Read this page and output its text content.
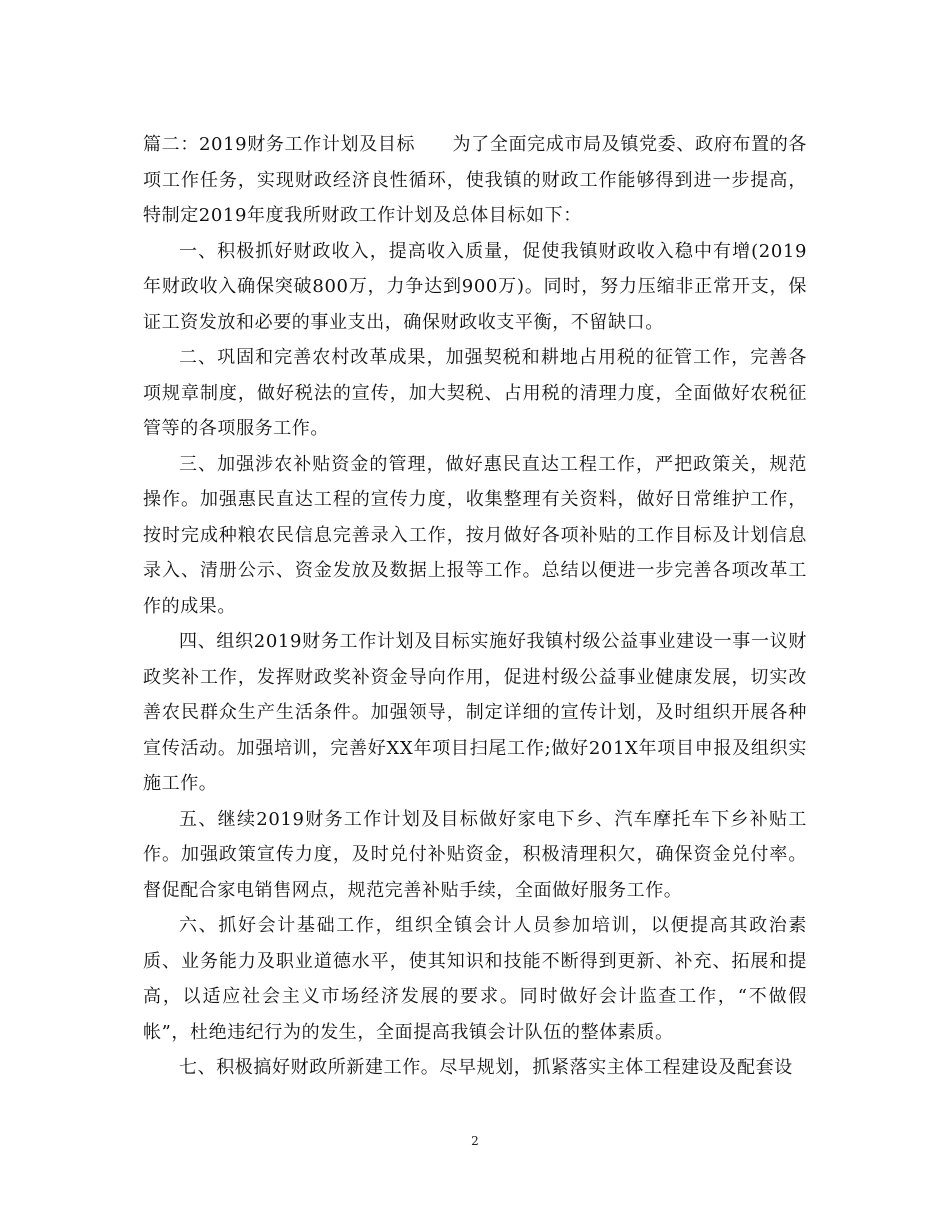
篇二：2019财务工作计划及目标　　为了全面完成市局及镇党委、政府布置的各项工作任务，实现财政经济良性循环，使我镇的财政工作能够得到进一步提高，特制定2019年度我所财政工作计划及总体目标如下：

一、积极抓好财政收入，提高收入质量，促使我镇财政收入稳中有增(2019年财政收入确保突破800万，力争达到900万)。同时，努力压缩非正常开支，保证工资发放和必要的事业支出，确保财政收支平衡，不留缺口。

二、巩固和完善农村改革成果，加强契税和耕地占用税的征管工作，完善各项规章制度，做好税法的宣传，加大契税、占用税的清理力度，全面做好农税征管等的各项服务工作。

三、加强涉农补贴资金的管理，做好惠民直达工程工作，严把政策关，规范操作。加强惠民直达工程的宣传力度，收集整理有关资料，做好日常维护工作，按时完成种粮农民信息完善录入工作，按月做好各项补贴的工作目标及计划信息录入、清册公示、资金发放及数据上报等工作。总结以便进一步完善各项改革工作的成果。

四、组织2019财务工作计划及目标实施好我镇村级公益事业建设一事一议财政奖补工作，发挥财政奖补资金导向作用，促进村级公益事业健康发展，切实改善农民群众生产生活条件。加强领导，制定详细的宣传计划，及时组织开展各种宣传活动。加强培训，完善好XX年项目扫尾工作;做好201X年项目申报及组织实施工作。

五、继续2019财务工作计划及目标做好家电下乡、汽车摩托车下乡补贴工作。加强政策宣传力度，及时兑付补贴资金，积极清理积欠，确保资金兑付率。督促配合家电销售网点，规范完善补贴手续，全面做好服务工作。

六、抓好会计基础工作，组织全镇会计人员参加培训，以便提高其政治素质、业务能力及职业道德水平，使其知识和技能不断得到更新、补充、拓展和提高，以适应社会主义市场经济发展的要求。同时做好会计监查工作，“不做假帐”，杜绝违纪行为的发生，全面提高我镇会计队伍的整体素质。

七、积极搞好财政所新建工作。尽早规划，抓紧落实主体工程建设及配套设

2
